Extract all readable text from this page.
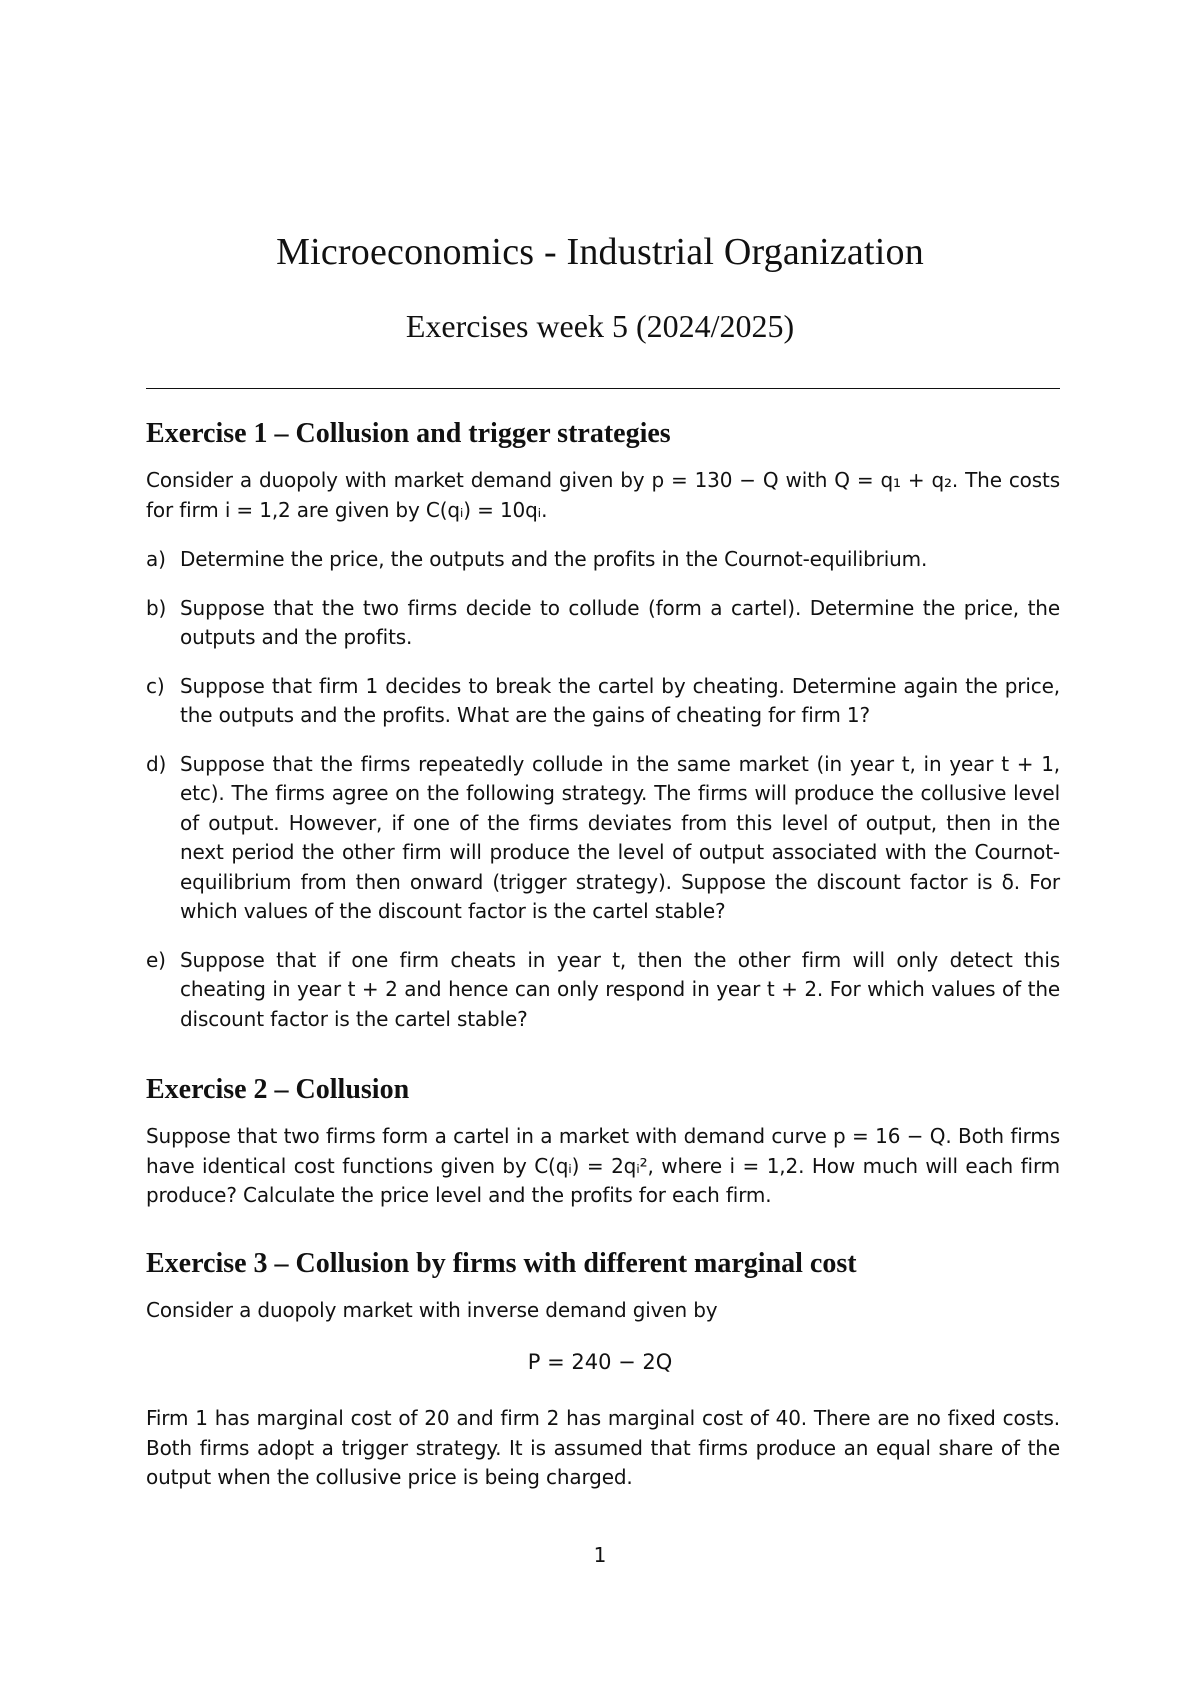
Microeconomics - Industrial Organization
Exercises week 5 (2024/2025)
Exercise 1 – Collusion and trigger strategies
Consider a duopoly with market demand given by p = 130 − Q with Q = q₁ + q₂. The costs for firm i = 1,2 are given by C(qᵢ) = 10qᵢ.
a) Determine the price, the outputs and the profits in the Cournot-equilibrium.
b) Suppose that the two firms decide to collude (form a cartel). Determine the price, the outputs and the profits.
c) Suppose that firm 1 decides to break the cartel by cheating. Determine again the price, the outputs and the profits. What are the gains of cheating for firm 1?
d) Suppose that the firms repeatedly collude in the same market (in year t, in year t + 1, etc). The firms agree on the following strategy. The firms will produce the collusive level of output. However, if one of the firms deviates from this level of output, then in the next period the other firm will produce the level of output associated with the Cournot-equilibrium from then onward (trigger strategy). Suppose the discount factor is δ. For which values of the discount factor is the cartel stable?
e) Suppose that if one firm cheats in year t, then the other firm will only detect this cheating in year t + 2 and hence can only respond in year t + 2. For which values of the discount factor is the cartel stable?
Exercise 2 – Collusion
Suppose that two firms form a cartel in a market with demand curve p = 16 − Q. Both firms have identical cost functions given by C(qᵢ) = 2qᵢ², where i = 1,2. How much will each firm produce? Calculate the price level and the profits for each firm.
Exercise 3 – Collusion by firms with different marginal cost
Consider a duopoly market with inverse demand given by
P = 240 − 2Q
Firm 1 has marginal cost of 20 and firm 2 has marginal cost of 40. There are no fixed costs. Both firms adopt a trigger strategy. It is assumed that firms produce an equal share of the output when the collusive price is being charged.
1
